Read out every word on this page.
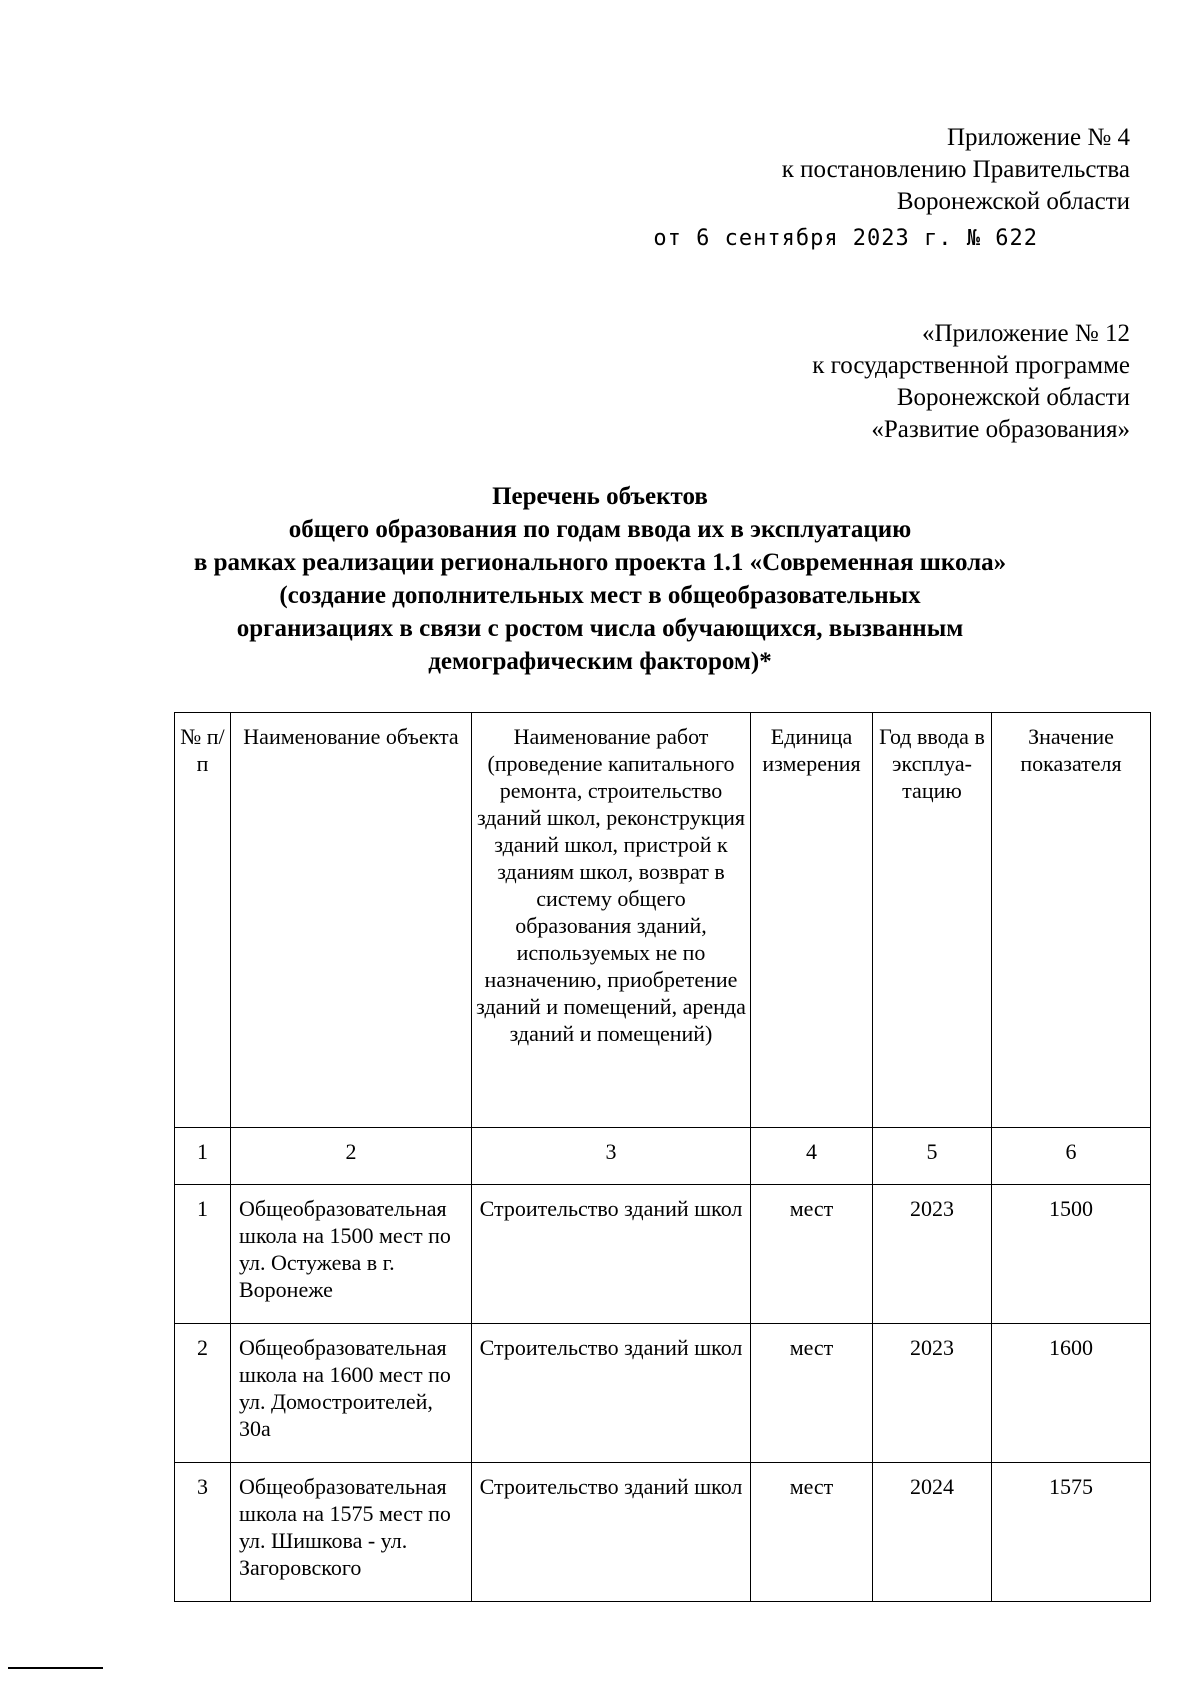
Приложение № 4
к постановлению Правительства
Воронежской области
от 6 сентября 2023 г. № 622
«Приложение № 12
к государственной программе
Воронежской области
«Развитие образования»
Перечень объектов
общего образования по годам ввода их в эксплуатацию
в рамках реализации регионального проекта 1.1 «Современная школа»
(создание дополнительных мест в общеобразовательных
организациях в связи с ростом числа обучающихся, вызванным
демографическим фактором)*
№ п/п	Наименование объекта	Наименование работ (проведение капитального ремонта, строительство зданий школ, реконструкция зданий школ, пристрой к зданиям школ, возврат в систему общего образования зданий, используемых не по назначению, приобретение зданий и помещений, аренда зданий и помещений)	Единица измерения	Год ввода в эксплуа-тацию	Значение показателя
1	2	3	4	5	6
1	Общеобразовательная школа на 1500 мест по ул. Остужева в г. Воронеже	Строительство зданий школ	мест	2023	1500
2	Общеобразовательная школа на 1600 мест по ул. Домостроителей, 30а	Строительство зданий школ	мест	2023	1600
3	Общеобразовательная школа на 1575 мест по ул. Шишкова - ул. Загоровского	Строительство зданий школ	мест	2024	1575
